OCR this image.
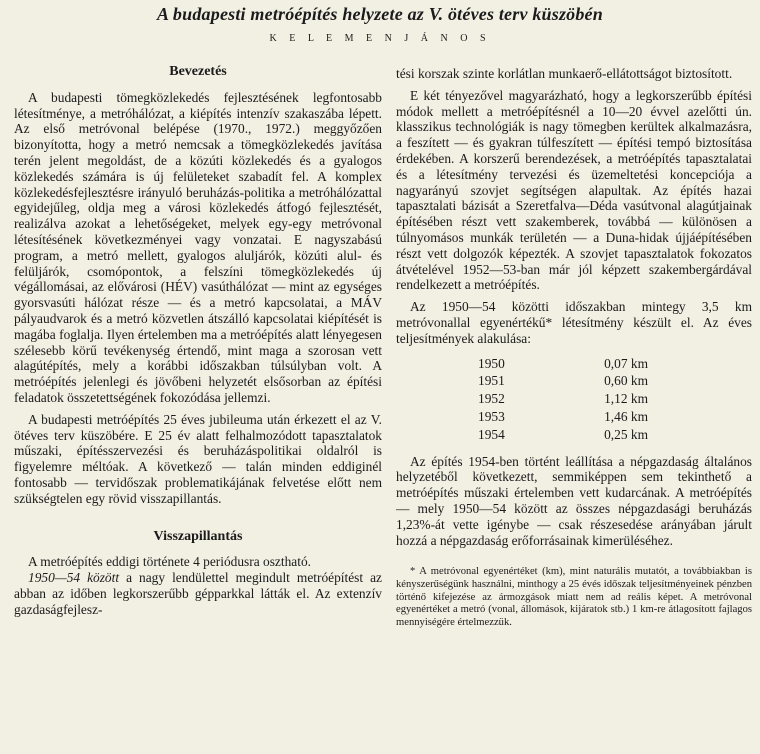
A budapesti metróépítés helyzete az V. ötéves terv küszöbén
K E L E M E N J Á N O S
Bevezetés

A budapesti tömegközlekedés fejlesztésének legfontosabb létesítménye, a metróhálózat, a kiépítés intenzív szakaszába lépett. Az első metróvonal belépése (1970., 1972.) meggyőzően bizonyította, hogy a metró nemcsak a tömegközlekedés javítása terén jelent megoldást, de a közúti közlekedés és a gyalogos közlekedés számára is új felületeket szabadít fel. A komplex közlekedésfejlesztésre irányuló beruházás-politika a metróhálózattal egyidejűleg, oldja meg a városi közlekedés átfogó fejlesztését, realizálva azokat a lehetőségeket, melyek egy-egy metróvonal létesítésének következményei vagy vonzatai. E nagyszabású program, a metró mellett, gyalogos aluljárók, közúti alul- és felüljárók, csomópontok, a felszíni tömegközlekedés új végállomásai, az elővárosi (HÉV) vasúthálózat — mint az egységes gyorsvasúti hálózat része — és a metró kapcsolatai, a MÁV pályaudvarok és a metró közvetlen átszálló kapcsolatai kiépítését is magába foglalja. Ilyen értelemben ma a metróépítés alatt lényegesen szélesebb körű tevékenység értendő, mint maga a szorosan vett alagútépítés, mely a korábbi időszakban túlsúlyban volt. A metróépítés jelenlegi és jövőbeni helyzetét elsősorban az építési feladatok összetettségének fokozódása jellemzi.

A budapesti metróépítés 25 éves jubileuma után érkezett el az V. ötéves terv küszöbére. E 25 év alatt felhalmozódott tapasztalatok műszaki, építésszervezési és beruházáspolitikai oldalról is figyelemre méltóak. A következő — talán minden eddiginél fontosabb — tervidőszak problematikájának felvetése előtt nem szükségtelen egy rövid visszapillantás.

Visszapillantás

A metróépítés eddigi története 4 periódusra osztható.

1950—54 között a nagy lendülettel megindult metróépítést az abban az időben legkorszerűbb gépparkkal látták el. Az extenzív gazdaságfejlesz-

tési korszak szinte korlátlan munkaerő-ellátottságot biztosított.

E két tényezővel magyarázható, hogy a legkorszerűbb építési módok mellett a metróépítésnél a 10—20 évvel azelőtti ún. klasszikus technológiák is nagy tömegben kerültek alkalmazásra, a feszített — és gyakran túlfeszített — építési tempó biztosítása érdekében. A korszerű berendezések, a metróépítés tapasztalatai és a létesítmény tervezési és üzemeltetési koncepciója a nagyarányú szovjet segítségen alapultak. Az építés hazai tapasztalati bázisát a Szeretfalva—Déda vasútvonal alagútjainak építésében részt vett szakemberek, továbbá — különösen a túlnyomásos munkák területén — a Duna-hidak újjáépítésében részt vett dolgozók képezték. A szovjet tapasztalatok fokozatos átvételével 1952—53-ban már jól képzett szakembergárdával rendelkezett a metróépítés.

Az 1950—54 közötti időszakban mintegy 3,5 km metróvonallal egyenértékű* létesítmény készült el. Az éves teljesítmények alakulása:

1950	0,07 km
1951	0,60 km
1952	1,12 km
1953	1,46 km
1954	0,25 km

Az építés 1954-ben történt leállítása a népgazdaság általános helyzetéből következett, semmiképpen sem tekinthető a metróépítés műszaki értelemben vett kudarcának. A metróépítés — mely 1950—54 között az összes népgazdasági beruházás 1,23%-át vette igénybe — csak részesedése arányában járult hozzá a népgazdaság erőforrásainak kimerüléséhez.

* A metróvonal egyenértéket (km), mint naturális mutatót, a továbbiakban is kényszerűségünk használni, minthogy a 25 évés időszak teljesítményeinek pénzben történő kifejezése az ármozgások miatt nem ad reális képet. A metróvonal egyenértéket a metró (vonal, állomások, kijáratok stb.) 1 km-re átlagosított fajlagos mennyiségére értelmezzük.
